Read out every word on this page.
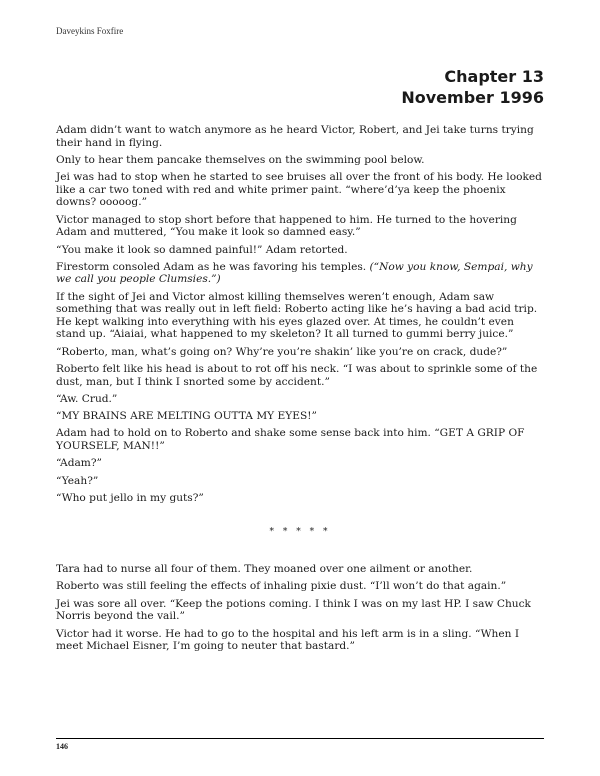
Daveykins Foxfire
Chapter 13
November 1996

Adam didn’t want to watch anymore as he heard Victor, Robert, and Jei take turns trying their hand in flying.

Only to hear them pancake themselves on the swimming pool below.

Jei was had to stop when he started to see bruises all over the front of his body. He looked like a car two toned with red and white primer paint. “where’d’ya keep the phoenix downs? ooooog.”

Victor managed to stop short before that happened to him. He turned to the hovering Adam and muttered, “You make it look so damned easy.”

“You make it look so damned painful!” Adam retorted.

Firestorm consoled Adam as he was favoring his temples. (“Now you know, Sempai, why we call you people Clumsies.”)

If the sight of Jei and Victor almost killing themselves weren’t enough, Adam saw something that was really out in left field: Roberto acting like he’s having a bad acid trip. He kept walking into everything with his eyes glazed over. At times, he couldn’t even stand up. “Aiaiai, what happened to my skeleton? It all turned to gummi berry juice.”

“Roberto, man, what’s going on? Why’re you’re shakin’ like you’re on crack, dude?”

Roberto felt like his head is about to rot off his neck. “I was about to sprinkle some of the dust, man, but I think I snorted some by accident.”

“Aw. Crud.”

“MY BRAINS ARE MELTING OUTTA MY EYES!”

Adam had to hold on to Roberto and shake some sense back into him. “GET A GRIP OF YOURSELF, MAN!!”

“Adam?”

“Yeah?”

“Who put jello in my guts?”

* * * * *

Tara had to nurse all four of them. They moaned over one ailment or another.

Roberto was still feeling the effects of inhaling pixie dust. “I’ll won’t do that again.”

Jei was sore all over. “Keep the potions coming. I think I was on my last HP. I saw Chuck Norris beyond the vail.”

Victor had it worse. He had to go to the hospital and his left arm is in a sling. “When I meet Michael Eisner, I’m going to neuter that bastard.”

146
